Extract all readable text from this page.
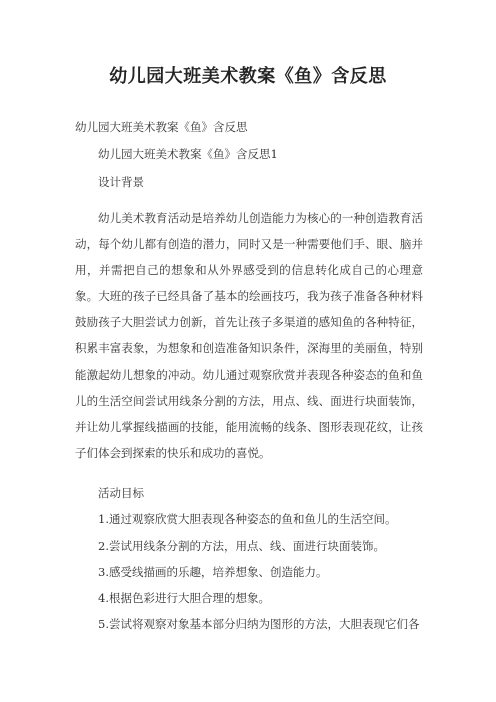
幼儿园大班美术教案《鱼》含反思
幼儿园大班美术教案《鱼》含反思
幼儿园大班美术教案《鱼》含反思1
设计背景
幼儿美术教育活动是培养幼儿创造能力为核心的一种创造教育活动，每个幼儿都有创造的潜力，同时又是一种需要他们手、眼、脑并用，并需把自己的想象和从外界感受到的信息转化成自己的心理意象。大班的孩子已经具备了基本的绘画技巧，我为孩子准备各种材料鼓励孩子大胆尝试力创新，首先让孩子多渠道的感知鱼的各种特征，积累丰富表象，为想象和创造准备知识条件，深海里的美丽鱼，特别能激起幼儿想象的冲动。幼儿通过观察欣赏并表现各种姿态的鱼和鱼儿的生活空间尝试用线条分割的方法，用点、线、面进行块面装饰，并让幼儿掌握线描画的技能，能用流畅的线条、图形表现花纹，让孩子们体会到探索的快乐和成功的喜悦。
活动目标
1.通过观察欣赏大胆表现各种姿态的鱼和鱼儿的生活空间。
2.尝试用线条分割的方法，用点、线、面进行块面装饰。
3.感受线描画的乐趣，培养想象、创造能力。
4.根据色彩进行大胆合理的想象。
5.尝试将观察对象基本部分归纳为图形的方法，大胆表现它们各
